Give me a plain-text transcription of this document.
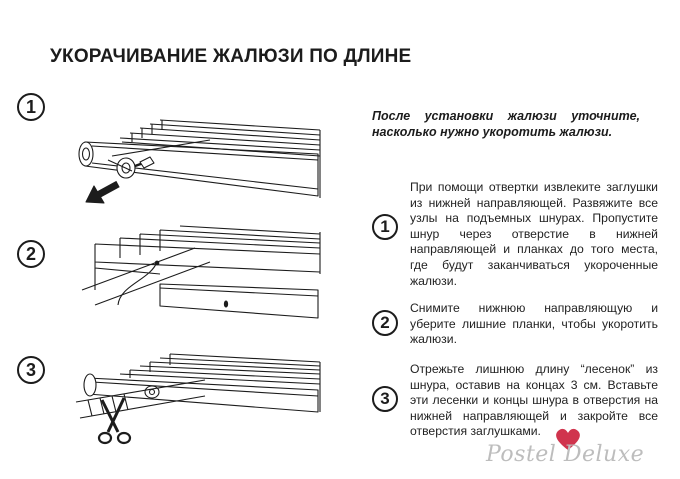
УКОРАЧИВАНИЕ ЖАЛЮЗИ ПО ДЛИНЕ
1
2
3
После установки жалюзи уточните, насколько нужно укоротить жалюзи.
1
При помощи отвертки извлеките заглушки из нижней направляющей. Развяжите все узлы на подъемных шнурах. Пропустите шнур через отверстие в нижней направляющей и планках до того места, где будут заканчиваться укороченные жалюзи.
2
Снимите нижнюю направляющую и уберите лишние планки, чтобы укоротить жалюзи.
3
Отрежьте лишнюю длину “лесенок” из шнура, оставив на концах 3 см. Вставьте эти лесенки и концы шнура в отверстия на нижней направляющей и закройте все отверстия заглушками.
Postel Deluxe
